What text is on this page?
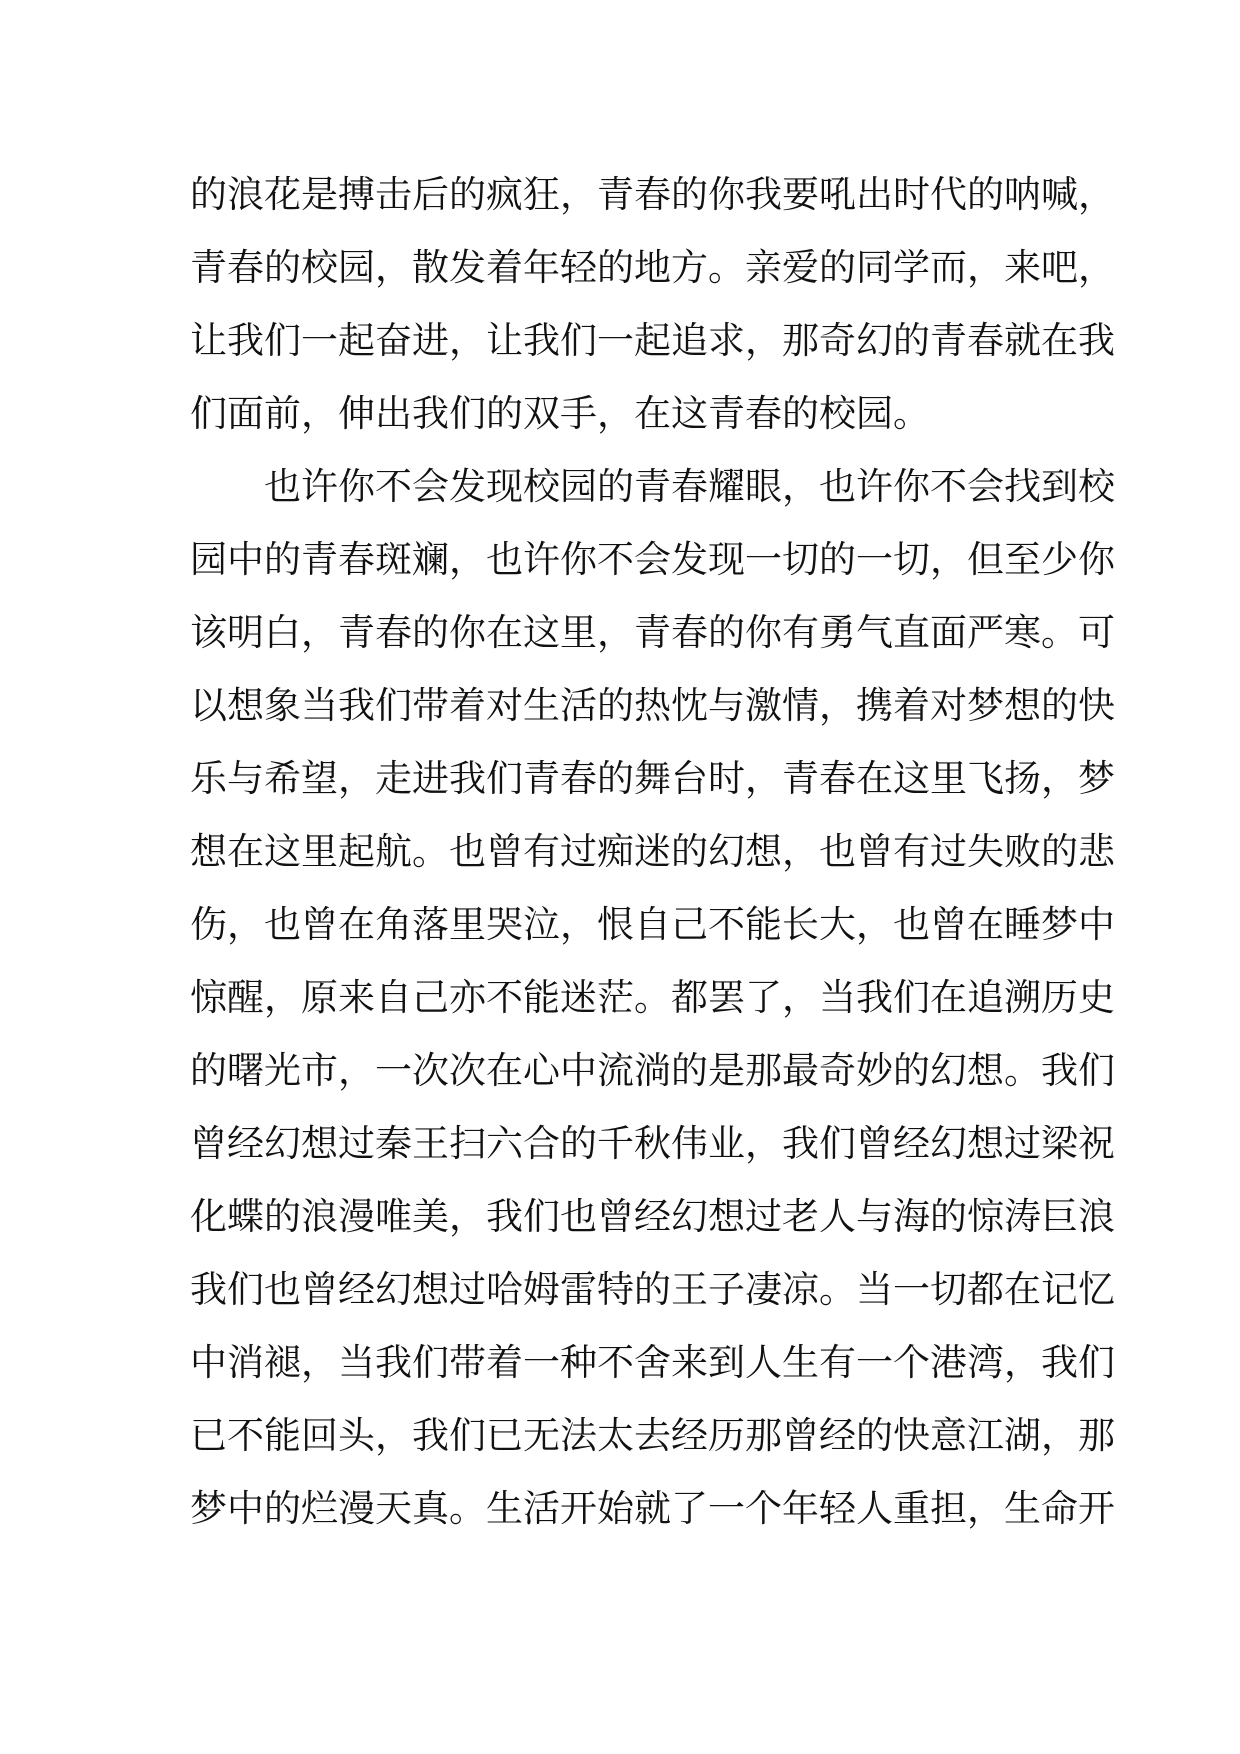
的浪花是搏击后的疯狂，青春的你我要吼出时代的呐喊，
青春的校园，散发着年轻的地方。亲爱的同学而，来吧，
让我们一起奋进，让我们一起追求，那奇幻的青春就在我
们面前，伸出我们的双手，在这青春的校园。
也许你不会发现校园的青春耀眼，也许你不会找到校
园中的青春斑斓，也许你不会发现一切的一切，但至少你
该明白，青春的你在这里，青春的你有勇气直面严寒。可
以想象当我们带着对生活的热忱与激情，携着对梦想的快
乐与希望，走进我们青春的舞台时，青春在这里飞扬，梦
想在这里起航。也曾有过痴迷的幻想，也曾有过失败的悲
伤，也曾在角落里哭泣，恨自己不能长大，也曾在睡梦中
惊醒，原来自己亦不能迷茫。都罢了，当我们在追溯历史
的曙光市，一次次在心中流淌的是那最奇妙的幻想。我们
曾经幻想过秦王扫六合的千秋伟业，我们曾经幻想过梁祝
化蝶的浪漫唯美，我们也曾经幻想过老人与海的惊涛巨浪
我们也曾经幻想过哈姆雷特的王子凄凉。当一切都在记忆
中消褪，当我们带着一种不舍来到人生有一个港湾，我们
已不能回头，我们已无法太去经历那曾经的快意江湖，那
梦中的烂漫天真。生活开始就了一个年轻人重担，生命开
